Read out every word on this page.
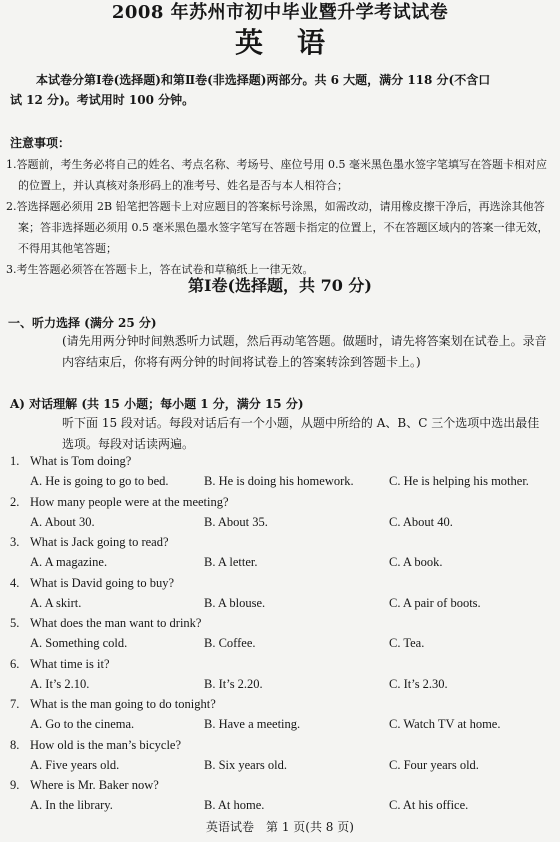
2008 年苏州市初中毕业暨升学考试试卷
英语
本试卷分第Ⅰ卷(选择题)和第Ⅱ卷(非选择题)两部分。共 6 大题，满分 118 分(不含口
试 12 分)。考试用时 100 分钟。
注意事项：
1.答题前，考生务必将自己的姓名、考点名称、考场号、座位号用 0.5 毫米黑色墨水签字笔填写在答题卡相对应的位置上，并认真核对条形码上的准考号、姓名是否与本人相符合；
2.答选择题必须用 2B 铅笔把答题卡上对应题目的答案标号涂黑，如需改动，请用橡皮擦干净后，再选涂其他答案；答非选择题必须用 0.5 毫米黑色墨水签字笔写在答题卡指定的位置上，不在答题区域内的答案一律无效，不得用其他笔答题；
3.考生答题必须答在答题卡上，答在试卷和草稿纸上一律无效。
第Ⅰ卷(选择题，共 70 分)
一、听力选择 (满分 25 分)
(请先用两分钟时间熟悉听力试题，然后再动笔答题。做题时，请先将答案划在试卷上。录音内容结束后，你将有两分钟的时间将试卷上的答案转涂到答题卡上。)
A) 对话理解 (共 15 小题；每小题 1 分，满分 15 分)
听下面 15 段对话。每段对话后有一个小题，从题中所给的 A、B、C 三个选项中选出最佳选项。每段对话读两遍。
1. What is Tom doing?
A. He is going to go to bed.	B. He is doing his homework.	C. He is helping his mother.
2. How many people were at the meeting?
A. About 30.	B. About 35.	C. About 40.
3. What is Jack going to read?
A. A magazine.	B. A letter.	C. A book.
4. What is David going to buy?
A. A skirt.	B. A blouse.	C. A pair of boots.
5. What does the man want to drink?
A. Something cold.	B. Coffee.	C. Tea.
6. What time is it?
A. It’s 2.10.	B. It’s 2.20.	C. It’s 2.30.
7. What is the man going to do tonight?
A. Go to the cinema.	B. Have a meeting.	C. Watch TV at home.
8. How old is the man’s bicycle?
A. Five years old.	B. Six years old.	C. Four years old.
9. Where is Mr. Baker now?
A. In the library.	B. At home.	C. At his office.
英语试卷　第 1 页(共 8 页)
